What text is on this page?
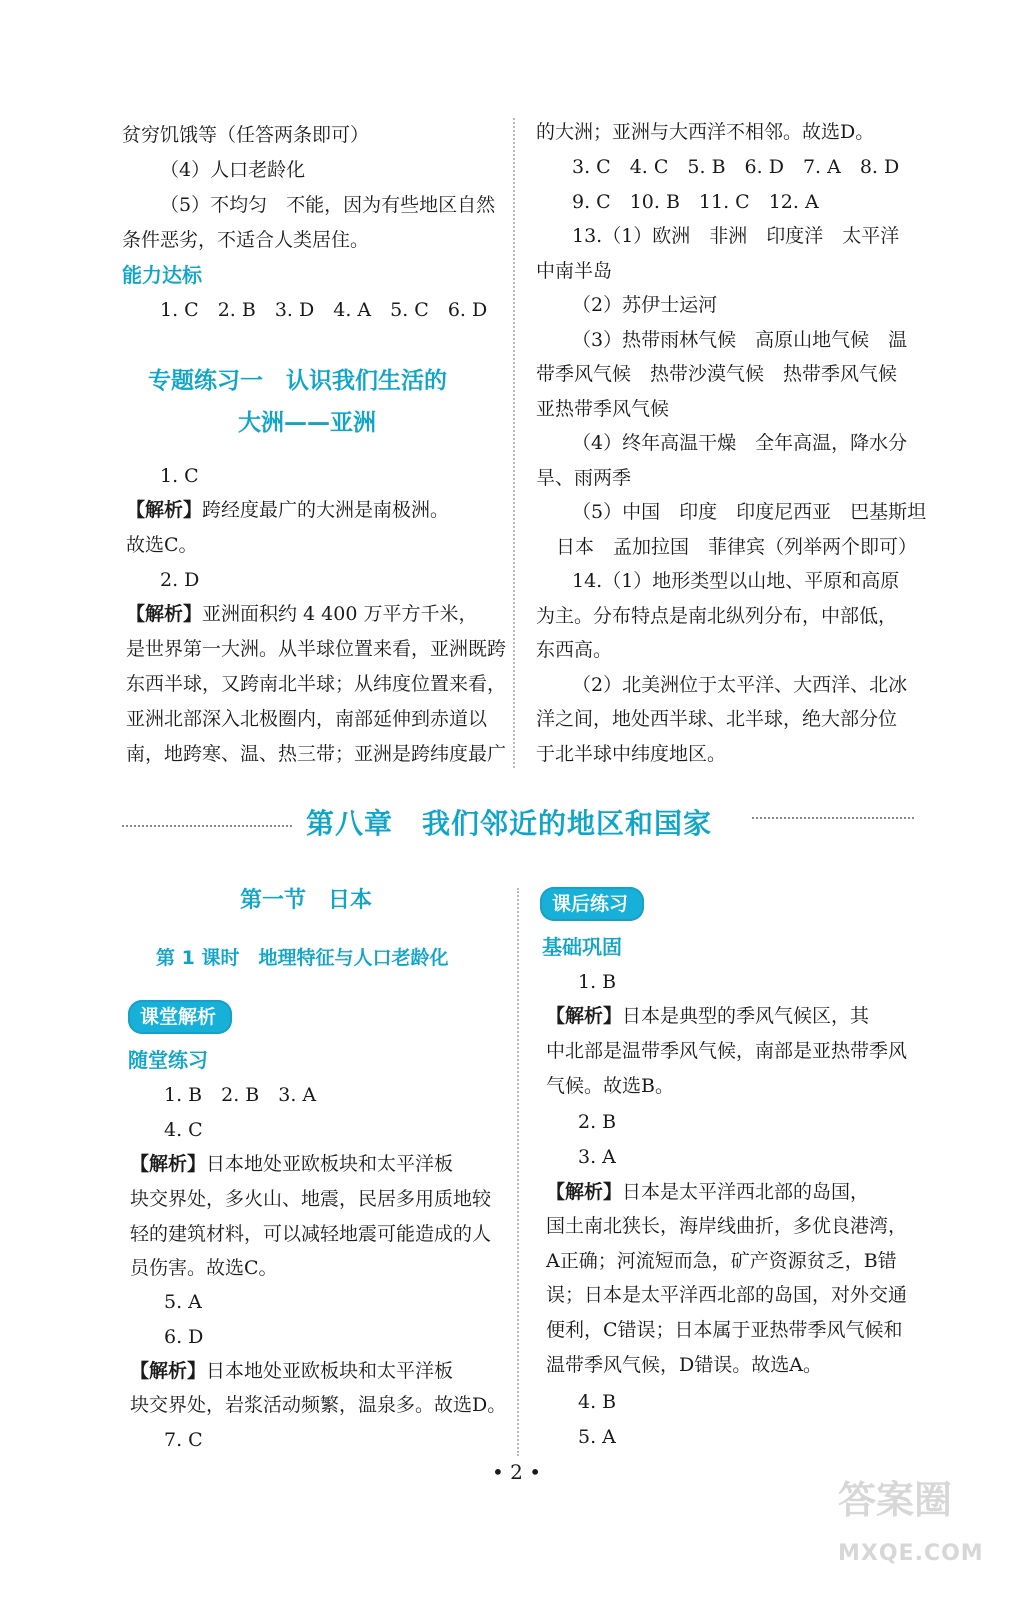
贫穷饥饿等（任答两条即可）
（4）人口老龄化
（5）不均匀　不能，因为有些地区自然
条件恶劣，不适合人类居住。
能力达标
1. C　2. B　3. D　4. A　5. C　6. D
专题练习一　认识我们生活的
大洲——亚洲
1. C
【解析】跨经度最广的大洲是南极洲。
故选C。
2. D
【解析】亚洲面积约 4 400 万平方千米，
是世界第一大洲。从半球位置来看，亚洲既跨
东西半球，又跨南北半球；从纬度位置来看，
亚洲北部深入北极圈内，南部延伸到赤道以
南，地跨寒、温、热三带；亚洲是跨纬度最广
的大洲；亚洲与大西洋不相邻。故选D。
3. C　4. C　5. B　6. D　7. A　8. D
9. C　10. B　11. C　12. A
13.（1）欧洲　非洲　印度洋　太平洋
中南半岛
（2）苏伊士运河
（3）热带雨林气候　高原山地气候　温
带季风气候　热带沙漠气候　热带季风气候
亚热带季风气候
（4）终年高温干燥　全年高温，降水分
旱、雨两季
（5）中国　印度　印度尼西亚　巴基斯坦
日本　孟加拉国　菲律宾（列举两个即可）
14.（1）地形类型以山地、平原和高原
为主。分布特点是南北纵列分布，中部低，
东西高。
（2）北美洲位于太平洋、大西洋、北冰
洋之间，地处西半球、北半球，绝大部分位
于北半球中纬度地区。
第八章　我们邻近的地区和国家
第一节　日本
第 1 课时　地理特征与人口老龄化
课堂解析
随堂练习
1. B　2. B　3. A
4. C
【解析】日本地处亚欧板块和太平洋板
块交界处，多火山、地震，民居多用质地较
轻的建筑材料，可以减轻地震可能造成的人
员伤害。故选C。
5. A
6. D
【解析】日本地处亚欧板块和太平洋板
块交界处，岩浆活动频繁，温泉多。故选D。
7. C
课后练习
基础巩固
1. B
【解析】日本是典型的季风气候区，其
中北部是温带季风气候，南部是亚热带季风
气候。故选B。
2. B
3. A
【解析】日本是太平洋西北部的岛国，
国土南北狭长，海岸线曲折，多优良港湾，
A正确；河流短而急，矿产资源贫乏，B错
误；日本是太平洋西北部的岛国，对外交通
便利，C错误；日本属于亚热带季风气候和
温带季风气候，D错误。故选A。
4. B
5. A
• 2 •
答案圈
MXQE.COM
